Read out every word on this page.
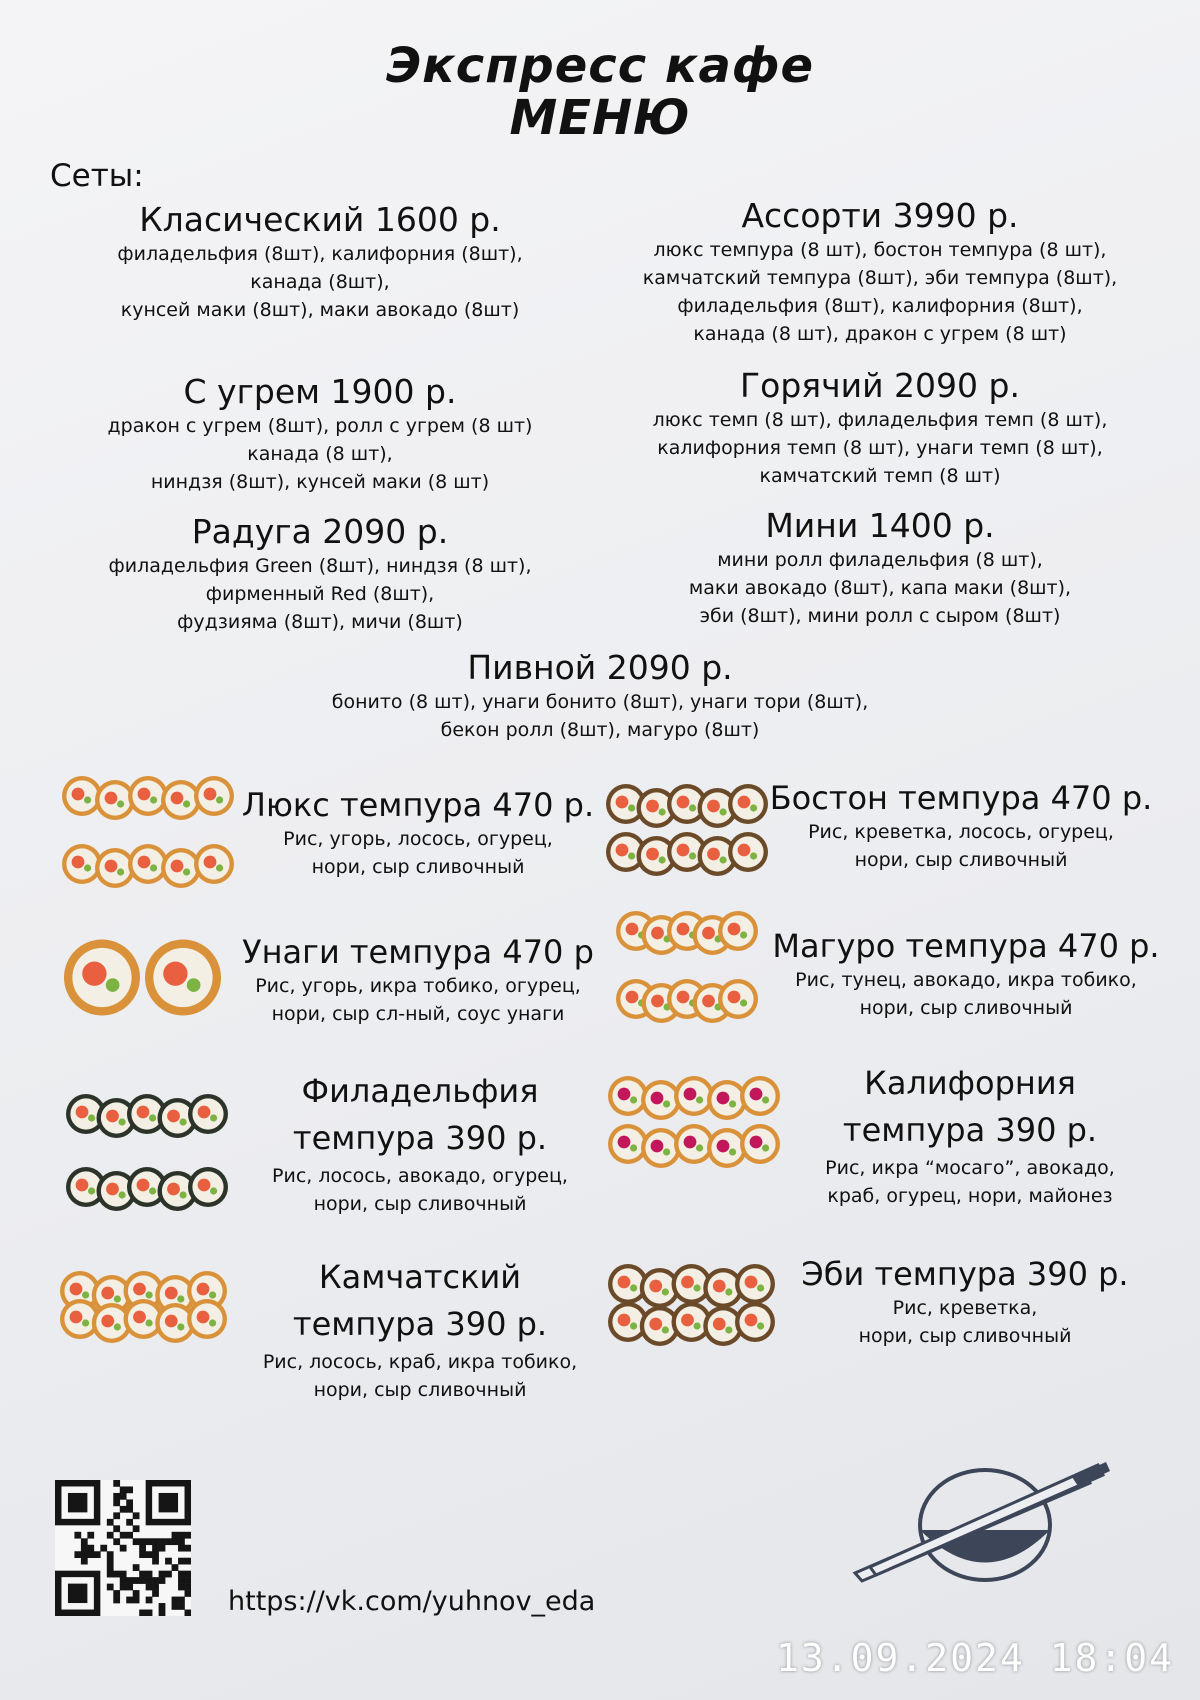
Экспресс кафе
МЕНЮ
Сеты:
Класический 1600 р.
филадельфия (8шт), калифорния (8шт),
канада (8шт),
кунсей маки (8шт), маки авокадо (8шт)
Ассорти 3990 р.
люкс темпура (8 шт), бостон темпура (8 шт),
камчатский темпура (8шт), эби темпура (8шт),
филадельфия (8шт), калифорния (8шт),
канада (8 шт), дракон с угрем (8 шт)
С угрем 1900 р.
дракон с угрем (8шт), ролл с угрем (8 шт)
канада (8 шт),
ниндзя (8шт), кунсей маки (8 шт)
Горячий 2090 р.
люкс темп (8 шт), филадельфия темп (8 шт),
калифорния темп (8 шт), унаги темп (8 шт),
камчатский темп (8 шт)
Радуга 2090 р.
филадельфия Green (8шт), ниндзя (8 шт),
фирменный Red (8шт),
фудзияма (8шт), мичи (8шт)
Мини 1400 р.
мини ролл филадельфия (8 шт),
маки авокадо (8шт), капа маки (8шт),
эби (8шт), мини ролл с сыром (8шт)
Пивной 2090 р.
бонито (8 шт), унаги бонито (8шт), унаги тори (8шт),
бекон ролл (8шт), магуро (8шт)
Люкс темпура 470 р.
Рис, угорь, лосось, огурец,
нори, сыр сливочный
Бостон темпура 470 р.
Рис, креветка, лосось, огурец,
нори, сыр сливочный
Унаги темпура 470 р
Рис, угорь, икра тобико, огурец,
нори, сыр сл-ный, соус унаги
Магуро темпура 470 р.
Рис, тунец, авокадо, икра тобико,
нори, сыр сливочный
Филадельфия
темпура 390 р.
Рис, лосось, авокадо, огурец,
нори, сыр сливочный
Калифорния
темпура 390 р.
Рис, икра “мосаго”, авокадо,
краб, огурец, нори, майонез
Камчатский
темпура 390 р.
Рис, лосось, краб, икра тобико,
нори, сыр сливочный
Эби темпура 390 р.
Рис, креветка,
нори, сыр сливочный
https://vk.com/yuhnov_eda
13.09.2024 18:04
